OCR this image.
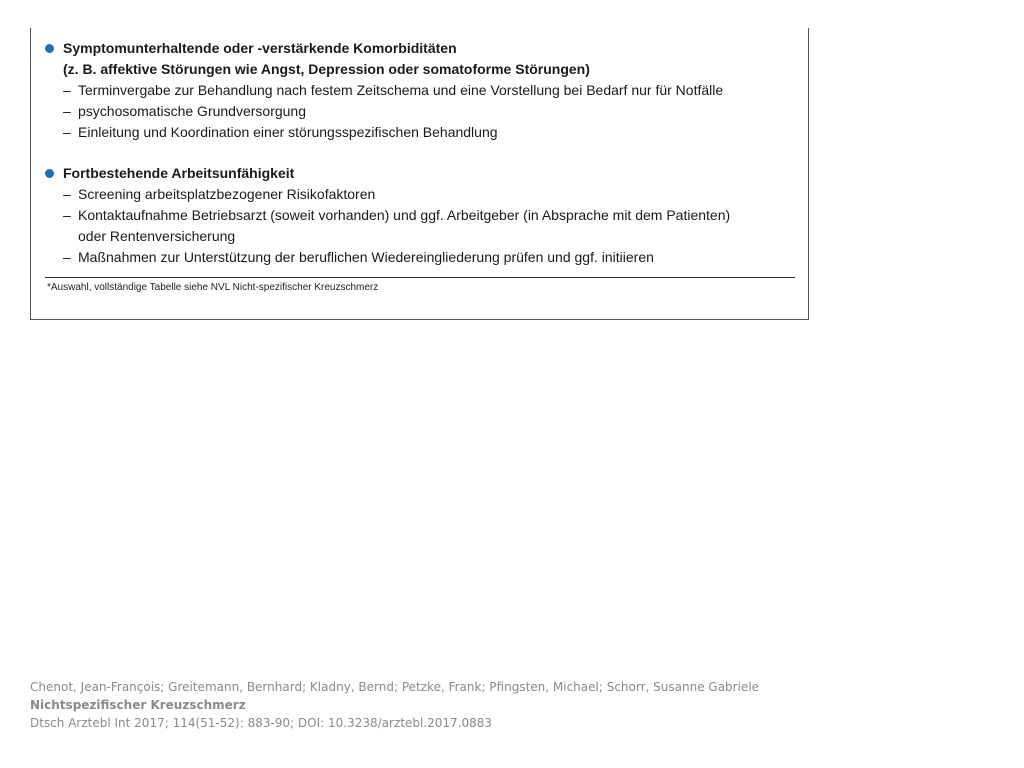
Symptomunterhaltende oder -verstärkende Komorbiditäten
(z. B. affektive Störungen wie Angst, Depression oder somatoforme Störungen)
– Terminvergabe zur Behandlung nach festem Zeitschema und eine Vorstellung bei Bedarf nur für Notfälle
– psychosomatische Grundversorgung
– Einleitung und Koordination einer störungsspezifischen Behandlung
Fortbestehende Arbeitsunfähigkeit
– Screening arbeitsplatzbezogener Risikofaktoren
– Kontaktaufnahme Betriebsarzt (soweit vorhanden) und ggf. Arbeitgeber (in Absprache mit dem Patienten)
oder Rentenversicherung
– Maßnahmen zur Unterstützung der beruflichen Wiedereingliederung prüfen und ggf. initiieren
*Auswahl, vollständige Tabelle siehe NVL Nicht-spezifischer Kreuzschmerz
Chenot, Jean-François; Greitemann, Bernhard; Kladny, Bernd; Petzke, Frank; Pfingsten, Michael; Schorr, Susanne Gabriele
Nichtspezifischer Kreuzschmerz
Dtsch Arztebl Int 2017; 114(51-52): 883-90; DOI: 10.3238/arztebl.2017.0883
